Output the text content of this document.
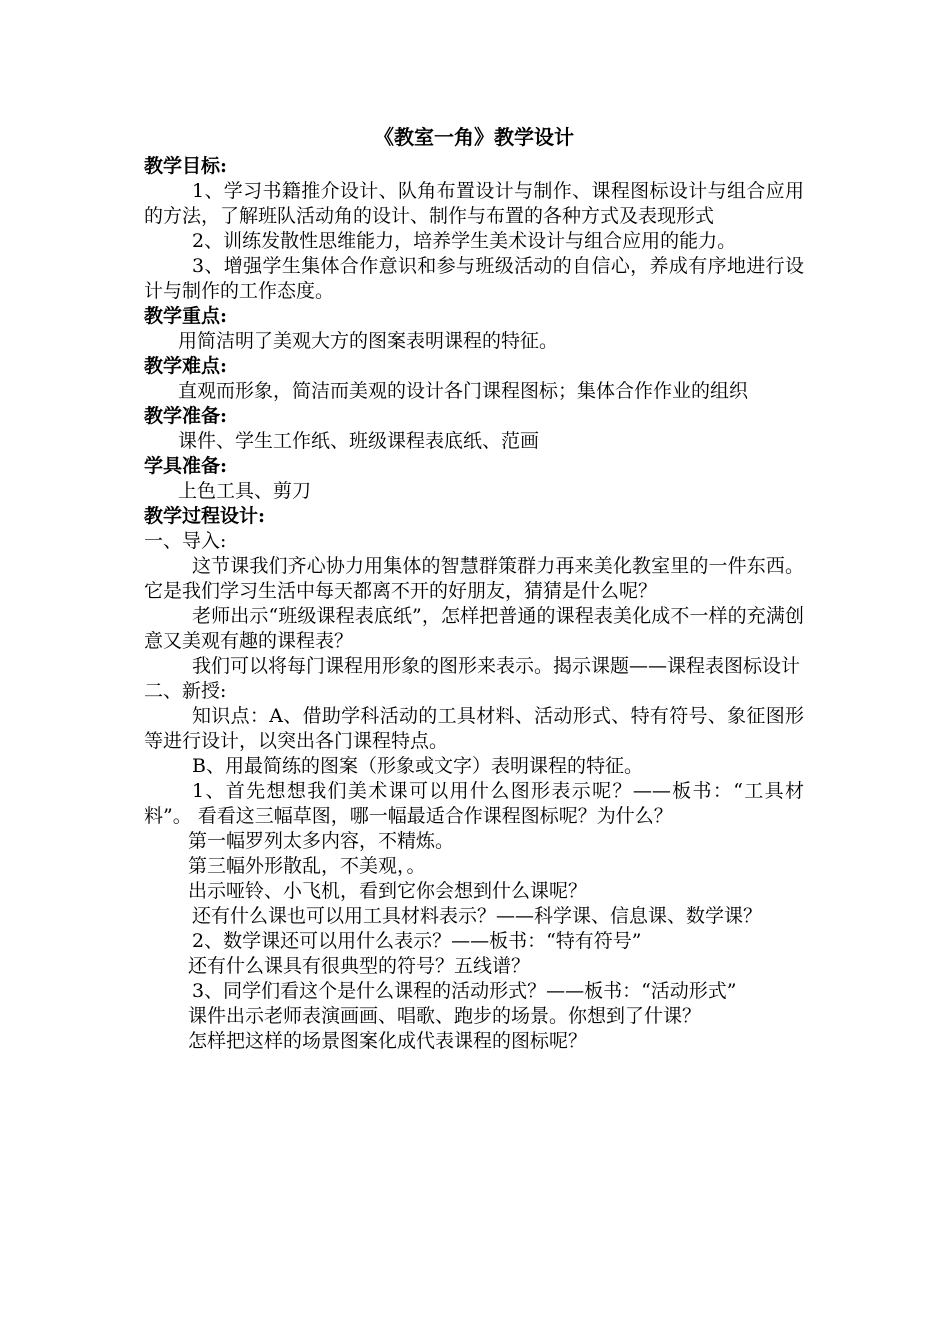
《教室一角》教学设计

教学目标:

1、学习书籍推介设计、队角布置设计与制作、课程图标设计与组合应用的方法，了解班队活动角的设计、制作与布置的各种方式及表现形式

2、训练发散性思维能力，培养学生美术设计与组合应用的能力。

3、增强学生集体合作意识和参与班级活动的自信心，养成有序地进行设计与制作的工作态度。

教学重点:

用简洁明了美观大方的图案表明课程的特征。

教学难点:

直观而形象，简洁而美观的设计各门课程图标；集体合作作业的组织

教学准备:

课件、学生工作纸、班级课程表底纸、范画

学具准备:

上色工具、剪刀

教学过程设计:

一、导入:

这节课我们齐心协力用集体的智慧群策群力再来美化教室里的一件东西。它是我们学习生活中每天都离不开的好朋友，猜猜是什么呢？

老师出示“班级课程表底纸”，怎样把普通的课程表美化成不一样的充满创意又美观有趣的课程表？

我们可以将每门课程用形象的图形来表示。揭示课题——课程表图标设计

二、新授:

知识点：A、借助学科活动的工具材料、活动形式、特有符号、象征图形等进行设计，以突出各门课程特点。

B、用最简练的图案（形象或文字）表明课程的特征。

1、首先想想我们美术课可以用什么图形表示呢？——板书：“工具材料”。 看看这三幅草图，哪一幅最适合作课程图标呢？为什么？

第一幅罗列太多内容，不精炼。

第三幅外形散乱，不美观，。

出示哑铃、小飞机，看到它你会想到什么课呢？

还有什么课也可以用工具材料表示？——科学课、信息课、数学课？

2、数学课还可以用什么表示？——板书：“特有符号”

还有什么课具有很典型的符号？五线谱？

3、同学们看这个是什么课程的活动形式？——板书：“活动形式”

课件出示老师表演画画、唱歌、跑步的场景。你想到了什课？

怎样把这样的场景图案化成代表课程的图标呢？
